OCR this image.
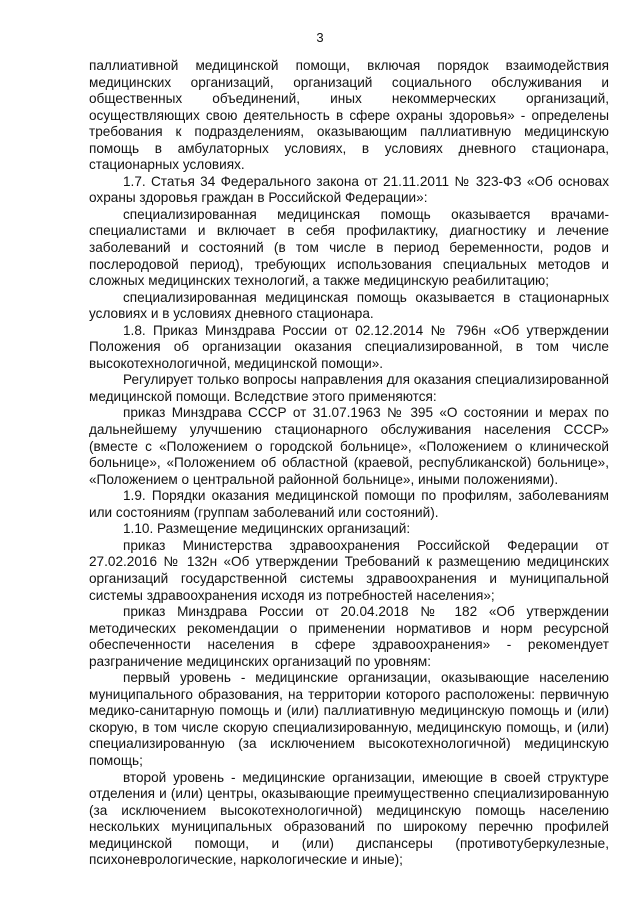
3

паллиативной медицинской помощи, включая порядок взаимодействия медицинских организаций, организаций социального обслуживания и общественных объединений, иных некоммерческих организаций, осуществляющих свою деятельность в сфере охраны здоровья» - определены требования к подразделениям, оказывающим паллиативную медицинскую помощь в амбулаторных условиях, в условиях дневного стационара, стационарных условиях.

1.7. Статья 34 Федерального закона от 21.11.2011 № 323-ФЗ «Об основах охраны здоровья граждан в Российской Федерации»:

специализированная медицинская помощь оказывается врачами-специалистами и включает в себя профилактику, диагностику и лечение заболеваний и состояний (в том числе в период беременности, родов и послеродовой период), требующих использования специальных методов и сложных медицинских технологий, а также медицинскую реабилитацию;

специализированная медицинская помощь оказывается в стационарных условиях и в условиях дневного стационара.

1.8. Приказ Минздрава России от 02.12.2014 № 796н «Об утверждении Положения об организации оказания специализированной, в том числе высокотехнологичной, медицинской помощи».

Регулирует только вопросы направления для оказания специализированной медицинской помощи. Вследствие этого применяются:

приказ Минздрава СССР от 31.07.1963 № 395 «О состоянии и мерах по дальнейшему улучшению стационарного обслуживания населения СССР» (вместе с «Положением о городской больнице», «Положением о клинической больнице», «Положением об областной (краевой, республиканской) больнице», «Положением о центральной районной больнице», иными положениями).

1.9. Порядки оказания медицинской помощи по профилям, заболеваниям или состояниям (группам заболеваний или состояний).

1.10. Размещение медицинских организаций:

приказ Министерства здравоохранения Российской Федерации от 27.02.2016 № 132н «Об утверждении Требований к размещению медицинских организаций государственной системы здравоохранения и муниципальной системы здравоохранения исходя из потребностей населения»;

приказ Минздрава России от 20.04.2018 № 182 «Об утверждении методических рекомендации о применении нормативов и норм ресурсной обеспеченности населения в сфере здравоохранения» - рекомендует разграничение медицинских организаций по уровням:

первый уровень - медицинские организации, оказывающие населению муниципального образования, на территории которого расположены: первичную медико-санитарную помощь и (или) паллиативную медицинскую помощь и (или) скорую, в том числе скорую специализированную, медицинскую помощь, и (или) специализированную (за исключением высокотехнологичной) медицинскую помощь;

второй уровень - медицинские организации, имеющие в своей структуре отделения и (или) центры, оказывающие преимущественно специализированную (за исключением высокотехнологичной) медицинскую помощь населению нескольких муниципальных образований по широкому перечню профилей медицинской помощи, и (или) диспансеры (противотуберкулезные, психоневрологические, наркологические и иные);
